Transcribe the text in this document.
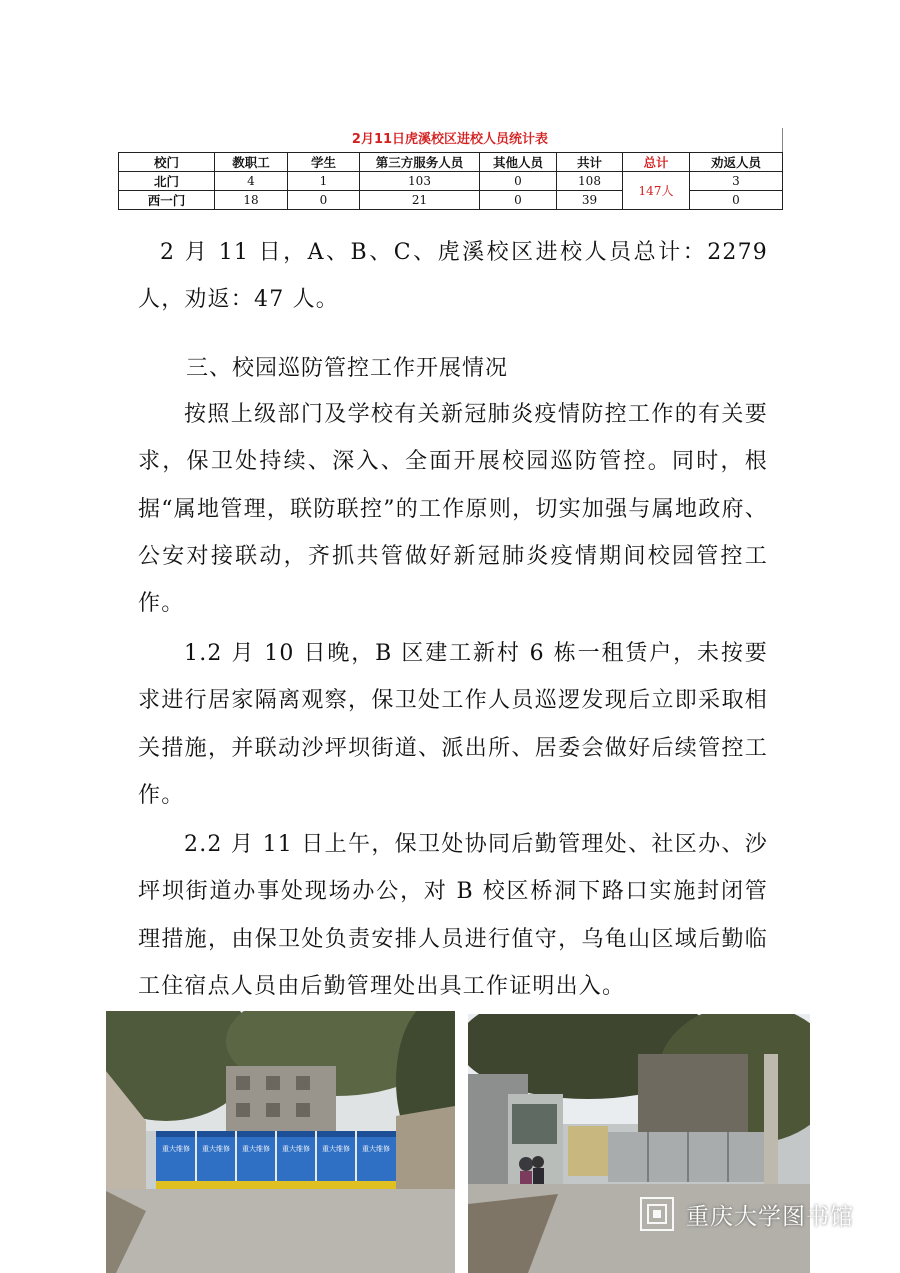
2月11日虎溪校区进校人员统计表
校门	教职工	学生	第三方服务人员	其他人员	共计	总计	劝返人员
北门	4	1	103	0	108	147人	3
西一门	18	0	21	0	39		0

2 月 11 日，A、B、C、虎溪校区进校人员总计：2279 人，劝返：47 人。

三、校园巡防管控工作开展情况

按照上级部门及学校有关新冠肺炎疫情防控工作的有关要求，保卫处持续、深入、全面开展校园巡防管控。同时，根据“属地管理，联防联控”的工作原则，切实加强与属地政府、公安对接联动，齐抓共管做好新冠肺炎疫情期间校园管控工作。

1.2 月 10 日晚，B 区建工新村 6 栋一租赁户，未按要求进行居家隔离观察，保卫处工作人员巡逻发现后立即采取相关措施，并联动沙坪坝街道、派出所、居委会做好后续管控工作。

2.2 月 11 日上午，保卫处协同后勤管理处、社区办、沙坪坝街道办事处现场办公，对 B 校区桥洞下路口实施封闭管理措施，由保卫处负责安排人员进行值守，乌龟山区域后勤临工住宿点人员由后勤管理处出具工作证明出入。

重大维修 重大维修 重大维修 重大维修 重大维修 重大维修
重庆大学图书馆
